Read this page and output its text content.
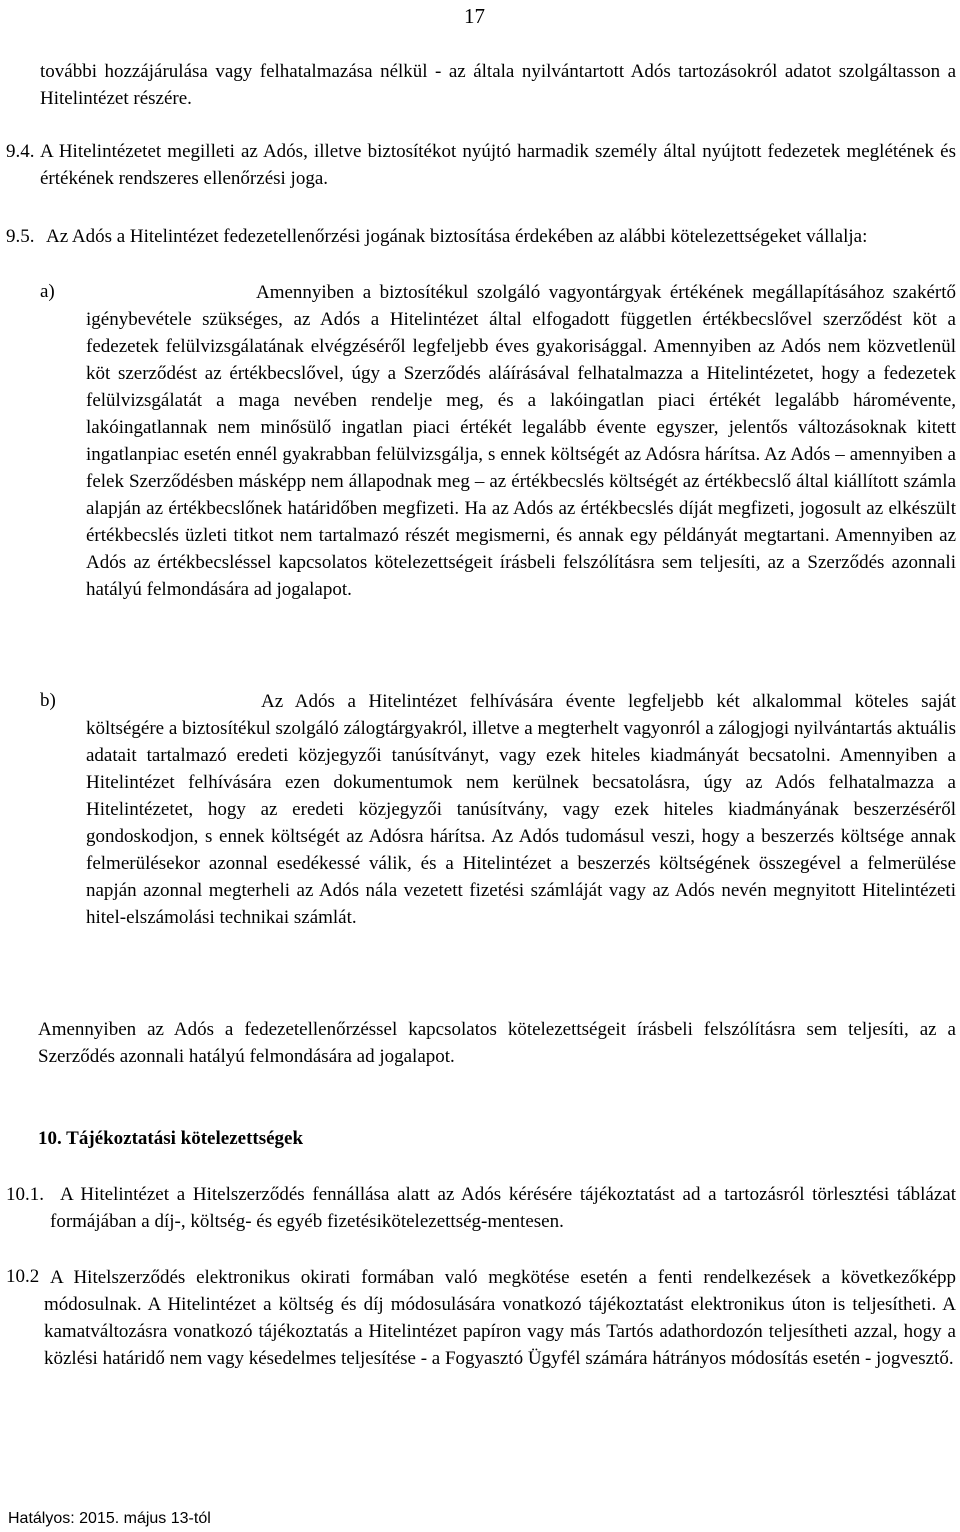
17

további hozzájárulása vagy felhatalmazása nélkül - az általa nyilvántartott Adós tartozásokról adatot szolgáltasson a Hitelintézet részére.

9.4. A Hitelintézetet megilleti az Adós, illetve biztosítékot nyújtó harmadik személy által nyújtott fedezetek meglétének és értékének rendszeres ellenőrzési joga.

9.5. Az Adós a Hitelintézet fedezetellenőrzési jogának biztosítása érdekében az alábbi kötelezettségeket vállalja:

a)	Amennyiben a biztosítékul szolgáló vagyontárgyak értékének megállapításához szakértő igénybevétele szükséges, az Adós a Hitelintézet által elfogadott független értékbecslővel szerződést köt a fedezetek felülvizsgálatának elvégzéséről legfeljebb éves gyakorisággal. Amennyiben az Adós nem közvetlenül köt szerződést az értékbecslővel, úgy a Szerződés aláírásával felhatalmazza a Hitelintézetet, hogy a fedezetek felülvizsgálatát a maga nevében rendelje meg, és a lakóingatlan piaci értékét legalább háromévente, lakóingatlannak nem minősülő ingatlan piaci értékét legalább évente egyszer, jelentős változásoknak kitett ingatlanpiac esetén ennél gyakrabban felülvizsgálja, s ennek költségét az Adósra hárítsa. Az Adós – amennyiben a felek Szerződésben másképp nem állapodnak meg – az értékbecslés költségét az értékbecslő által kiállított számla alapján az értékbecslőnek határidőben megfizeti. Ha az Adós az értékbecslés díját megfizeti, jogosult az elkészült értékbecslés üzleti titkot nem tartalmazó részét megismerni, és annak egy példányát megtartani. Amennyiben az Adós az értékbecsléssel kapcsolatos kötelezettségeit írásbeli felszólításra sem teljesíti, az a Szerződés azonnali hatályú felmondására ad jogalapot.

b)	Az Adós a Hitelintézet felhívására évente legfeljebb két alkalommal köteles saját költségére a biztosítékul szolgáló zálogtárgyakról, illetve a megterhelt vagyonról a zálogjogi nyilvántartás aktuális adatait tartalmazó eredeti közjegyzői tanúsítványt, vagy ezek hiteles kiadmányát becsatolni. Amennyiben a Hitelintézet felhívására ezen dokumentumok nem kerülnek becsatolásra, úgy az Adós felhatalmazza a Hitelintézetet, hogy az eredeti közjegyzői tanúsítvány, vagy ezek hiteles kiadmányának beszerzéséről gondoskodjon, s ennek költségét az Adósra hárítsa. Az Adós tudomásul veszi, hogy a beszerzés költsége annak felmerülésekor azonnal esedékessé válik, és a Hitelintézet a beszerzés költségének összegével a felmerülése napján azonnal megterheli az Adós nála vezetett fizetési számláját vagy az Adós nevén megnyitott Hitelintézeti hitel-elszámolási technikai számlát.

Amennyiben az Adós a fedezetellenőrzéssel kapcsolatos kötelezettségeit írásbeli felszólításra sem teljesíti, az a Szerződés azonnali hatályú felmondására ad jogalapot.

10. Tájékoztatási kötelezettségek
10.1. A Hitelintézet a Hitelszerződés fennállása alatt az Adós kérésére tájékoztatást ad a tartozásról törlesztési táblázat formájában a díj-, költség- és egyéb fizetésikötelezettség-mentesen.

10.2 A Hitelszerződés elektronikus okirati formában való megkötése esetén a fenti rendelkezések a következőképp módosulnak. A Hitelintézet a költség és díj módosulására vonatkozó tájékoztatást elektronikus úton is teljesítheti. A kamatváltozásra vonatkozó tájékoztatás a Hitelintézet papíron vagy más Tartós adathordozón teljesítheti azzal, hogy a közlési határidő nem vagy késedelmes teljesítése - a Fogyasztó Ügyfél számára hátrányos módosítás esetén - jogvesztő.

Hatályos: 2015. május 13-tól
